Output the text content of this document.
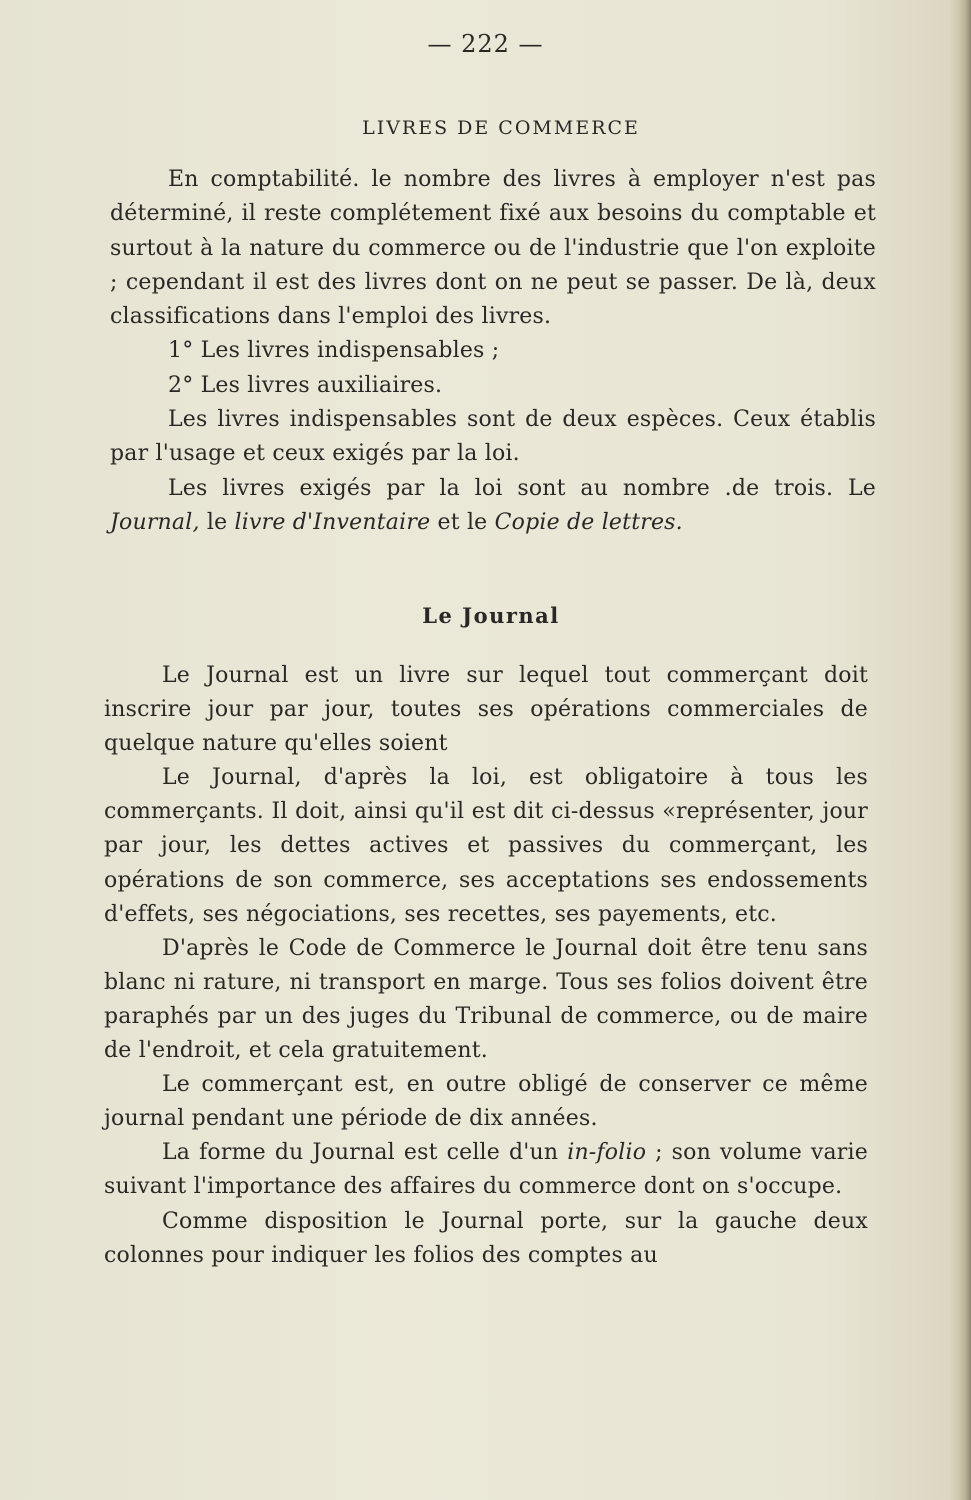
— 222 —
LIVRES DE COMMERCE

En comptabilité. le nombre des livres à employer n'est pas déterminé, il reste complétement fixé aux besoins du comptable et surtout à la nature du commerce ou de l'industrie que l'on exploite ; cependant il est des livres dont on ne peut se passer. De là, deux classifications dans l'emploi des livres.

1° Les livres indispensables ;
2° Les livres auxiliaires.

Les livres indispensables sont de deux espèces. Ceux établis par l'usage et ceux exigés par la loi.

Les livres exigés par la loi sont au nombre .de trois. Le Journal, le livre d'Inventaire et le Copie de lettres.

Le Journal

Le Journal est un livre sur lequel tout commerçant doit inscrire jour par jour, toutes ses opérations commerciales de quelque nature qu'elles soient

Le Journal, d'après la loi, est obligatoire à tous les commerçants. Il doit, ainsi qu'il est dit ci-dessus «représenter, jour par jour, les dettes actives et passives du commerçant, les opérations de son commerce, ses acceptations ses endossements d'effets, ses négociations, ses recettes, ses payements, etc.

D'après le Code de Commerce le Journal doit être tenu sans blanc ni rature, ni transport en marge. Tous ses folios doivent être paraphés par un des juges du Tribunal de commerce, ou de maire de l'endroit, et cela gratuitement.

Le commerçant est, en outre obligé de conserver ce même journal pendant une période de dix années.

La forme du Journal est celle d'un in-folio ; son volume varie suivant l'importance des affaires du commerce dont on s'occupe.

Comme disposition le Journal porte, sur la gauche deux colonnes pour indiquer les folios des comptes au
